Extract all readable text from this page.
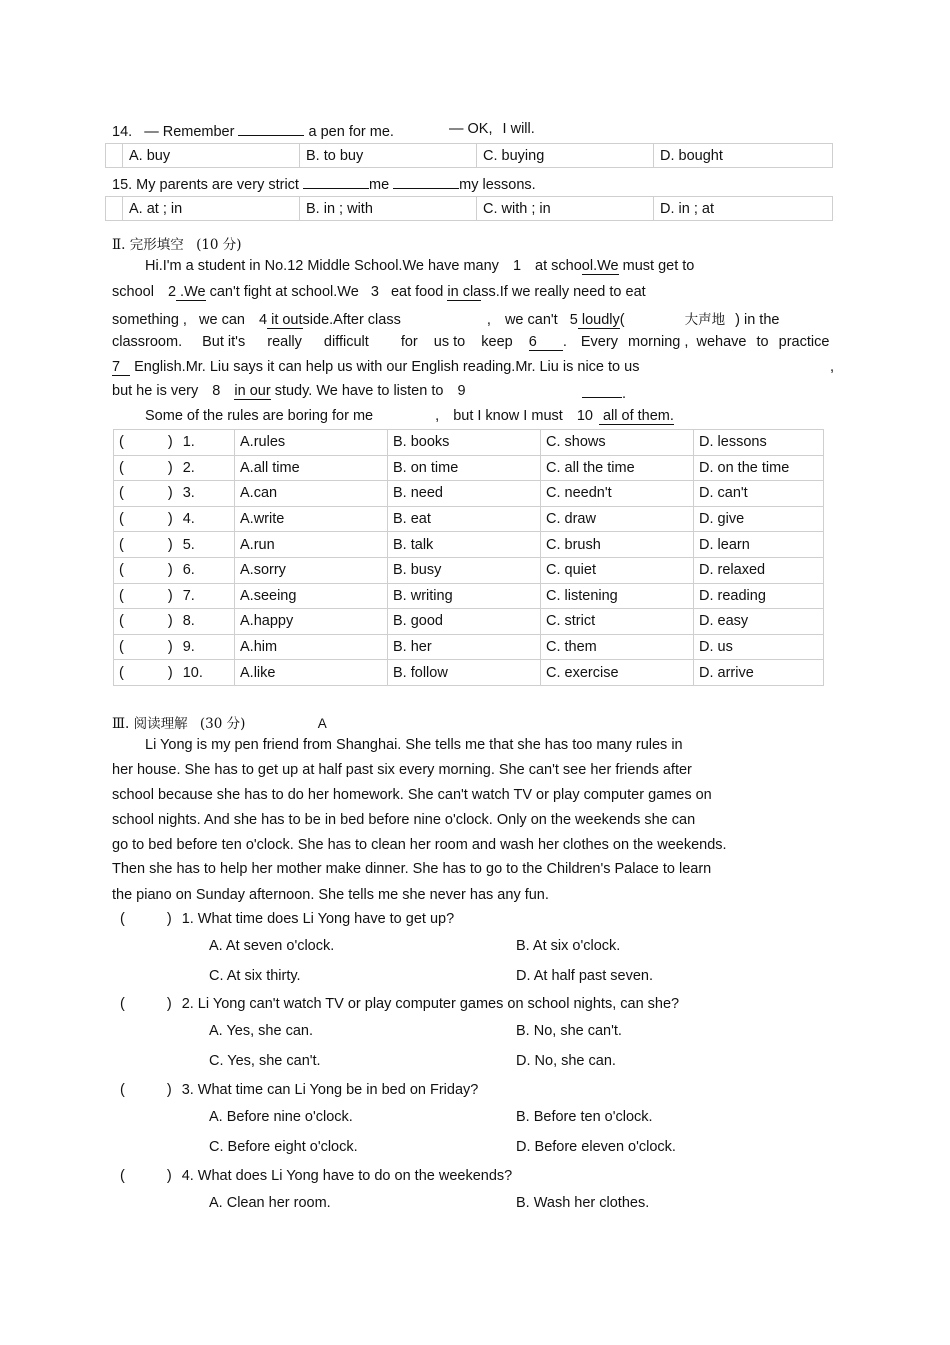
14. — Remember	a pen for me.	— OK, I will.
	A. buy	B. to buy	C. buying	D. bought
15. My parents are very strict	me	my lessons.
	A. at ; in	B. in ; with	C. with ; in	D. in ; at
Ⅱ. 完形填空 (10 分)
Hi.I'm a student in No.12 Middle School.We have many 1 at school.We must get to
school 2 .We can't fight at school.We 3 eat food in class.If we really need to eat
something , we can 4 it outside.After class	, we can't 5 loudly(	大声地 ) in the
classroom. But it's really difficult for us to keep 6 . Every morning , wehave to practice
7 English.Mr. Liu says it can help us with our English reading.Mr. Liu is nice to us	,
but he is very 8 in our study. We have to listen to 9	.
Some of the rules are boring for me	, but I know I must 10 all of them.
( ) 1.	A.rules	B. books	C. shows	D. lessons
( ) 2.	A.all time	B. on time	C. all the time	D. on the time
( ) 3.	A.can	B. need	C. needn't	D. can't
( ) 4.	A.write	B. eat	C. draw	D. give
( ) 5.	A.run	B. talk	C. brush	D. learn
( ) 6.	A.sorry	B. busy	C. quiet	D. relaxed
( ) 7.	A.seeing	B. writing	C. listening	D. reading
( ) 8.	A.happy	B. good	C. strict	D. easy
( ) 9.	A.him	B. her	C. them	D. us
( ) 10.	A.like	B. follow	C. exercise	D. arrive
Ⅲ. 阅读理解 (30 分)	A
Li Yong is my pen friend from Shanghai. She tells me that she has too many rules in
her house. She has to get up at half past six every morning. She can't see her friends after
school because she has to do her homework. She can't watch TV or play computer games on
school nights. And she has to be in bed before nine o'clock. Only on the weekends she can
go to bed before ten o'clock. She has to clean her room and wash her clothes on the weekends.
Then she has to help her mother make dinner. She has to go to the Children's Palace to learn
the piano on Sunday afternoon. She tells me she never has any fun.
(	) 1. What time does Li Yong have to get up?
A. At seven o'clock.	B. At six o'clock.
C. At six thirty.	D. At half past seven.
(	) 2. Li Yong can't watch TV or play computer games on school nights, can she?
A. Yes, she can.	B. No, she can't.
C. Yes, she can't.	D. No, she can.
(	) 3. What time can Li Yong be in bed on Friday?
A. Before nine o'clock.	B. Before ten o'clock.
C. Before eight o'clock.	D. Before eleven o'clock.
(	) 4. What does Li Yong have to do on the weekends?
A. Clean her room.	B. Wash her clothes.
